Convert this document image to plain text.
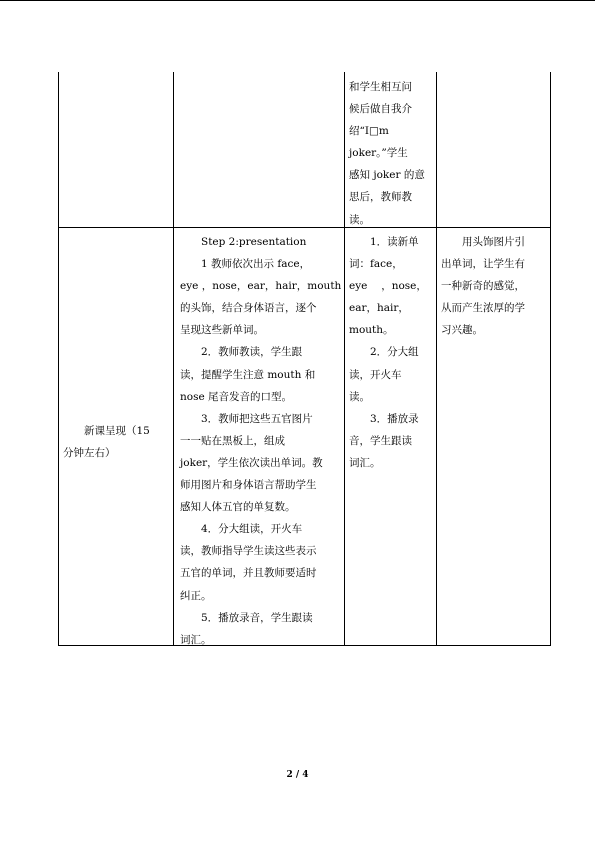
和学生相互问

候后做自我介

绍“I□m

joker。”学生

感知 joker 的意

思后，教师教

读。

新课呈现（15

分钟左右）

Step 2:presentation

1 教师依次出示 face，

eye ，nose，ear，hair，mouth

的头饰，结合身体语言，逐个

呈现这些新单词。

2．教师教读，学生跟

读，提醒学生注意 mouth 和

nose 尾音发音的口型。

3．教师把这些五官图片

一一贴在黑板上，组成

joker，学生依次读出单词。教

师用图片和身体语言帮助学生

感知人体五官的单复数。

4．分大组读，开火车

读，教师指导学生读这些表示

五官的单词，并且教师要适时

纠正。

5．播放录音，学生跟读

词汇。

1．读新单

词：face，

eye　 ，nose，

ear，hair，

mouth。

2．分大组

读，开火车

读。

3．播放录

音，学生跟读

词汇。

用头饰图片引

出单词，让学生有

一种新奇的感觉，

从而产生浓厚的学

习兴趣。

2 / 4
